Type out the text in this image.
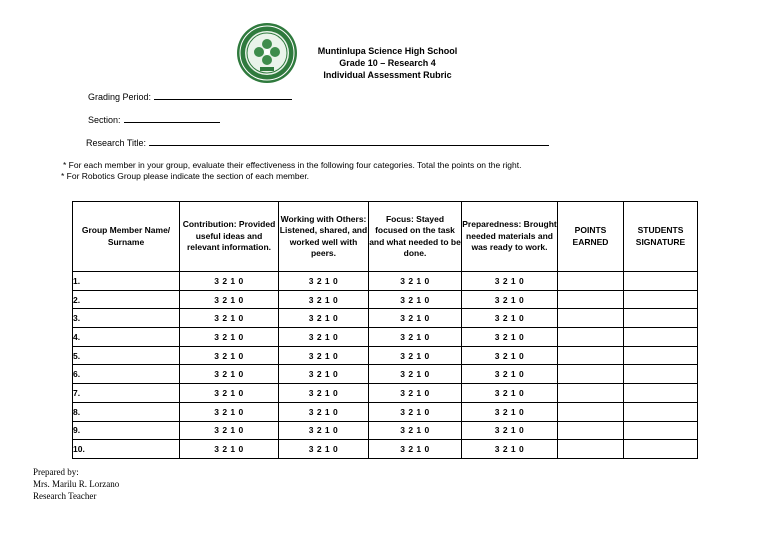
Muntinlupa Science High School
Grade 10 – Research 4
Individual Assessment Rubric
Grading Period:
Section:
Research Title:
* For each member in your group, evaluate their effectiveness in the following four categories. Total the points on the right.
* For Robotics Group please indicate the section of each member.
Group Member Name/ Surname	Contribution: Provided useful ideas and relevant information.	Working with Others: Listened, shared, and worked well with peers.	Focus: Stayed focused on the task and what needed to be done.	Preparedness: Brought needed materials and was ready to work.	POINTS EARNED	STUDENTS SIGNATURE
1.	3 2 1 0	3 2 1 0	3 2 1 0	3 2 1 0		
2.	3 2 1 0	3 2 1 0	3 2 1 0	3 2 1 0		
3.	3 2 1 0	3 2 1 0	3 2 1 0	3 2 1 0		
4.	3 2 1 0	3 2 1 0	3 2 1 0	3 2 1 0		
5.	3 2 1 0	3 2 1 0	3 2 1 0	3 2 1 0		
6.	3 2 1 0	3 2 1 0	3 2 1 0	3 2 1 0		
7.	3 2 1 0	3 2 1 0	3 2 1 0	3 2 1 0		
8.	3 2 1 0	3 2 1 0	3 2 1 0	3 2 1 0		
9.	3 2 1 0	3 2 1 0	3 2 1 0	3 2 1 0		
10.	3 2 1 0	3 2 1 0	3 2 1 0	3 2 1 0		
Prepared by:
Mrs. Marilu R. Lorzano
Research Teacher
